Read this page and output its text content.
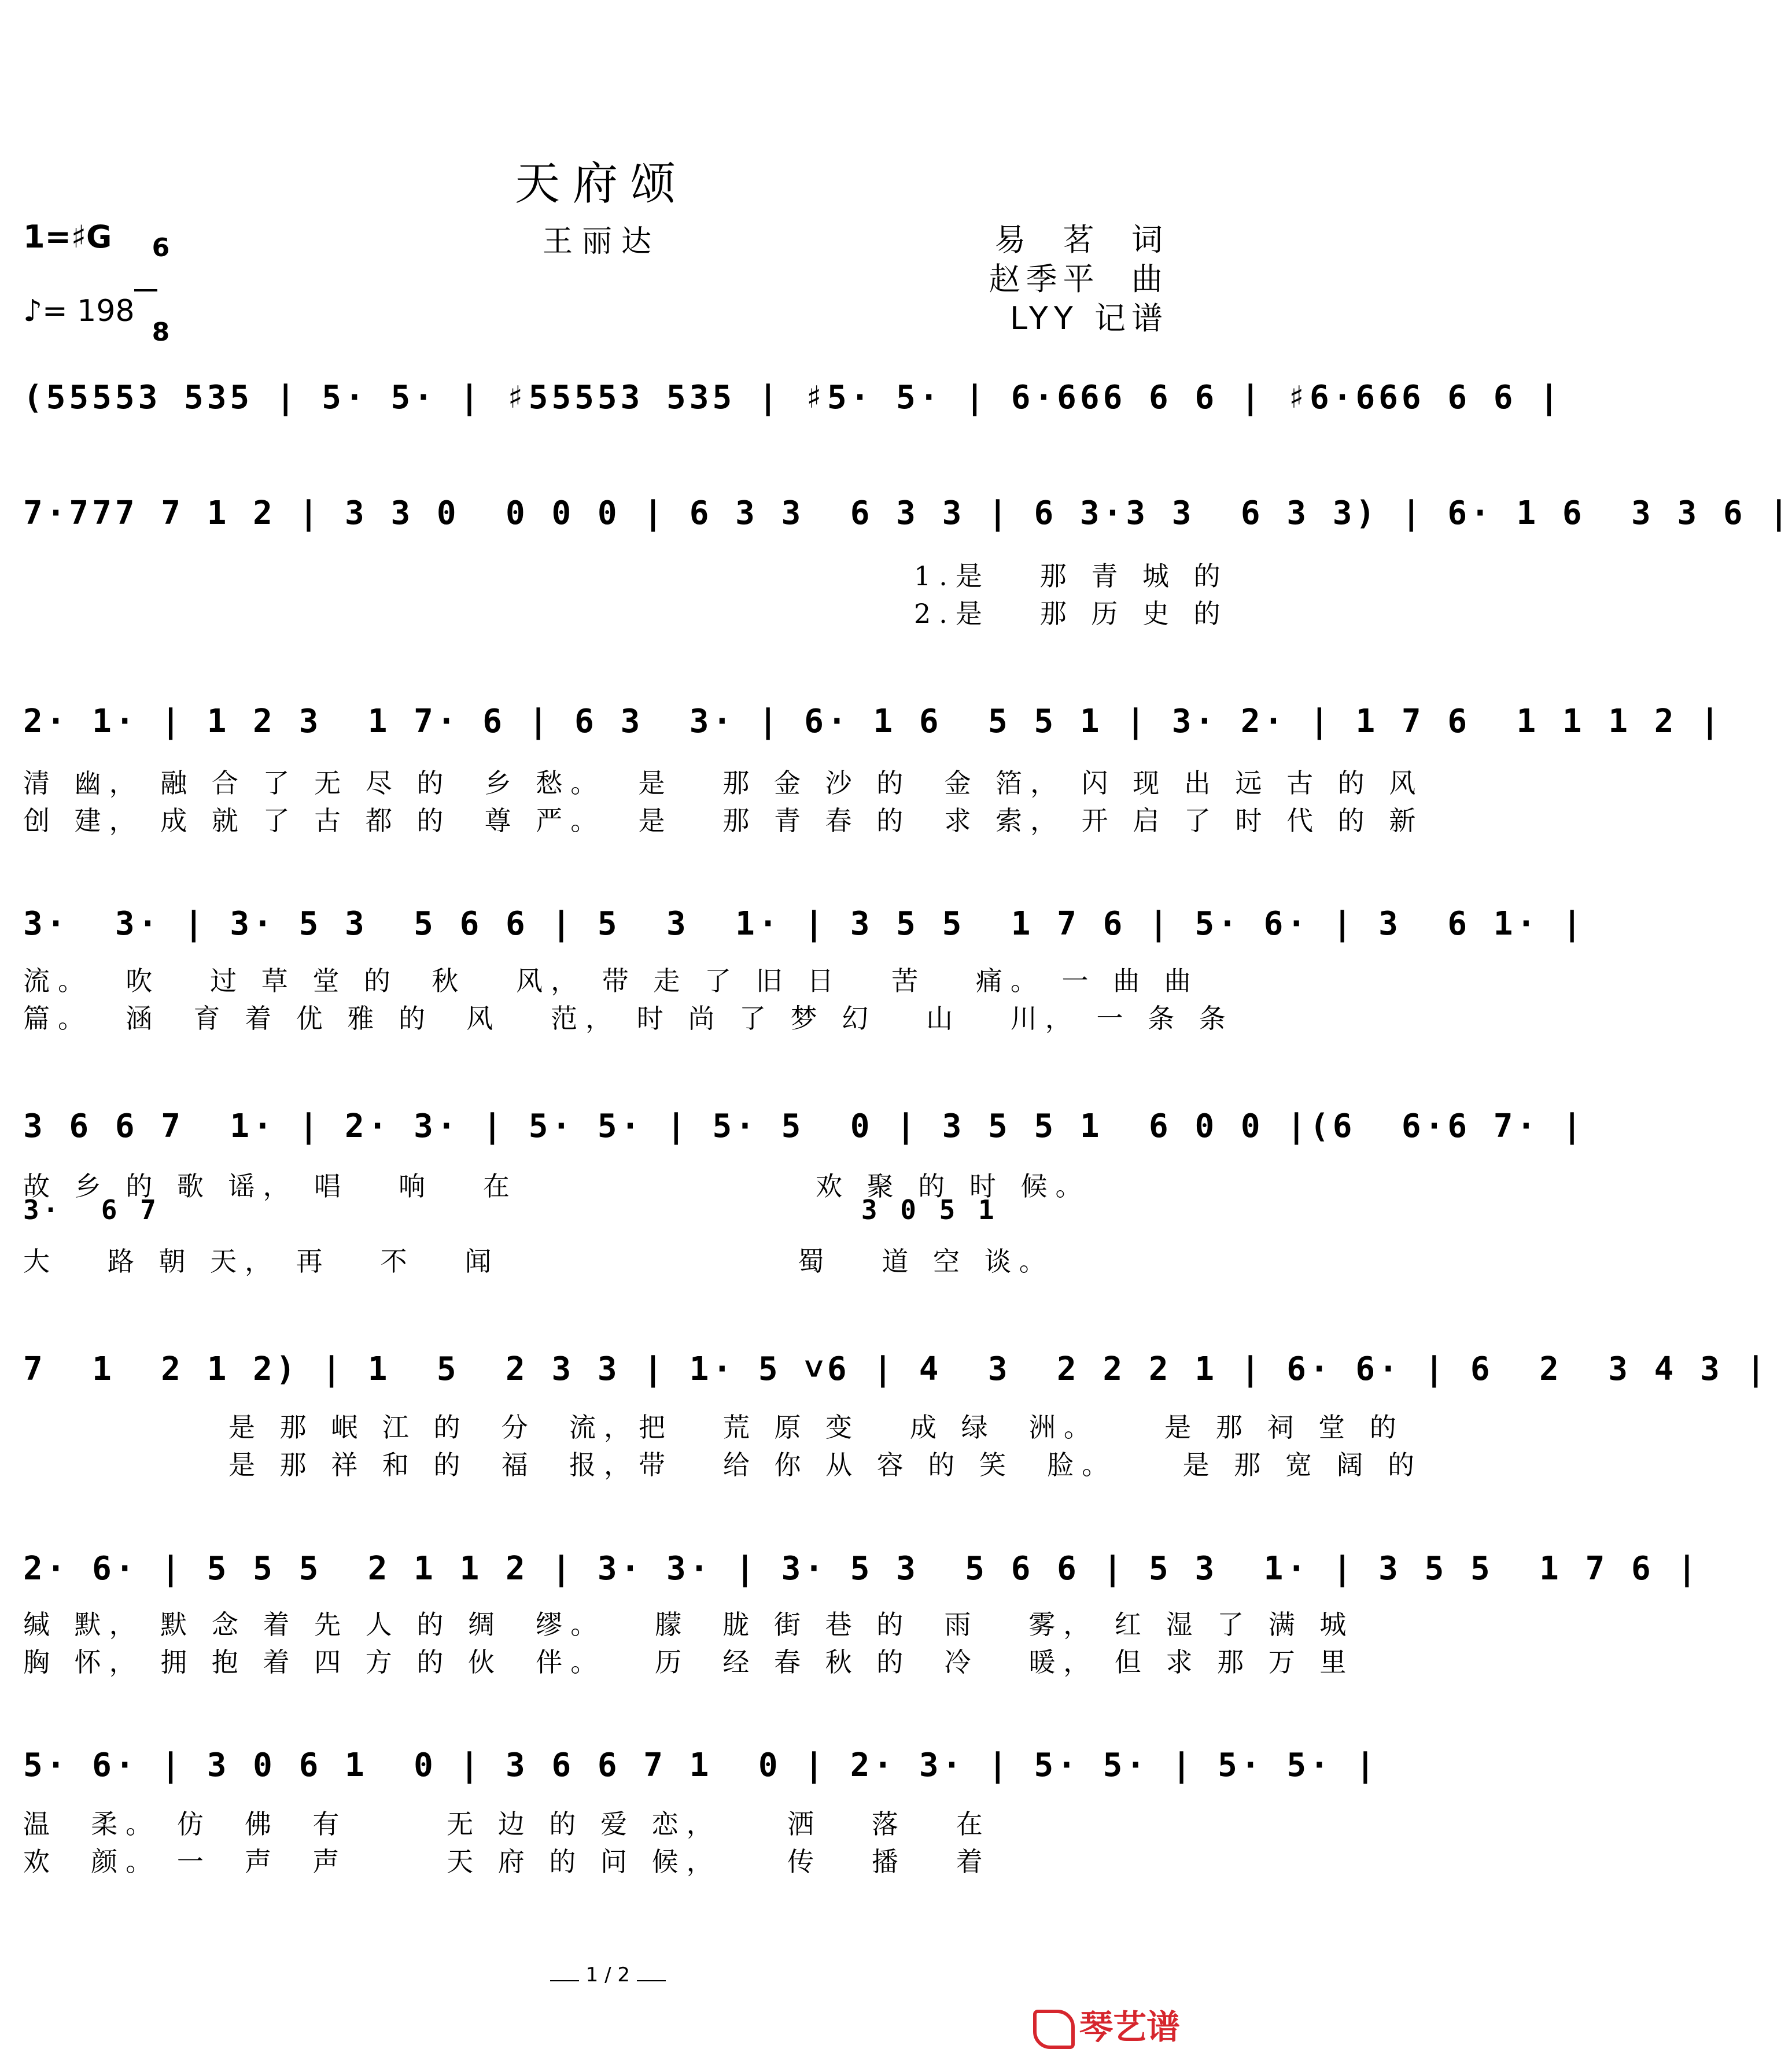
天府颂
王丽达
1=♯G	6

8

♪= 198
易  茗  词
赵季平  曲
LYY 记谱
(55553 535 | 5· 5· | ♯55553 535 | ♯5· 5· | 6·666 6 6 | ♯6·666 6 6 |
7·777 7 1 2 | 3 3 0  0 0 0 | 6 3 3  6 3 3 | 6 3·3 3  6 3 3) | 6· 1 6  3 3 6 |
1.是   那 青 城 的
2.是   那 历 史 的
2· 1· | 1 2 3  1 7· 6 | 6 3  3· | 6· 1 6  5 5 1 | 3· 2· | 1 7 6  1 1 1 2 |
清 幽， 融 合 了 无 尽 的  乡 愁。  是   那 金 沙 的  金 箔， 闪 现 出 远 古 的 风
创 建， 成 就 了 古 都 的  尊 严。  是   那 青 春 的  求 索， 开 启 了 时 代 的 新
3·  3· | 3· 5 3  5 6 6 | 5  3  1· | 3 5 5  1 7 6 | 5· 6· | 3  6 1· |
流。  吹   过 草 堂 的  秋   风， 带 走 了 旧 日   苦   痛。 一 曲 曲
篇。  涵  育 着 优 雅 的  风   范， 时 尚 了 梦 幻   山   川， 一 条 条
3 6 6 7  1· | 2· 3· | 5· 5· | 5· 5  0 | 3 5 5 1  6 0 0 |(6  6·6 7· |
故 乡 的 歌 谣， 唱   响   在                  欢 聚 的 时 候。
3·  6 7                                    3 0 5 1
大   路 朝 天， 再   不   闻                  蜀   道 空 谈。
7  1  2 1 2) | 1  5  2 3 3 | 1· 5 ˅6 | 4  3  2 2 2 1 | 6· 6· | 6  2  3 4 3 |
是 那 岷 江 的  分  流，把   荒 原 变   成 绿  洲。    是 那 祠 堂 的
是 那 祥 和 的  福  报，带   给 你 从 容 的 笑  脸。    是 那 宽 阔 的
2· 6· | 5 5 5  2 1 1 2 | 3· 3· | 3· 5 3  5 6 6 | 5 3  1· | 3 5 5  1 7 6 |
缄 默， 默 念 着 先 人 的 绸  缪。   朦  胧 街 巷 的  雨   雾， 红 湿 了 满 城
胸 怀， 拥 抱 着 四 方 的 伙  伴。   历  经 春 秋 的  冷   暖， 但 求 那 万 里
5· 6· | 3 0 6 1  0 | 3 6 6 7 1  0 | 2· 3· | 5· 5· | 5· 5· |
温  柔。 仿  佛  有      无 边 的 爱 恋，    洒   落   在
欢  颜。 一  声  声      天 府 的 问 候，    传   播   着

1 / 2

琴艺谱
